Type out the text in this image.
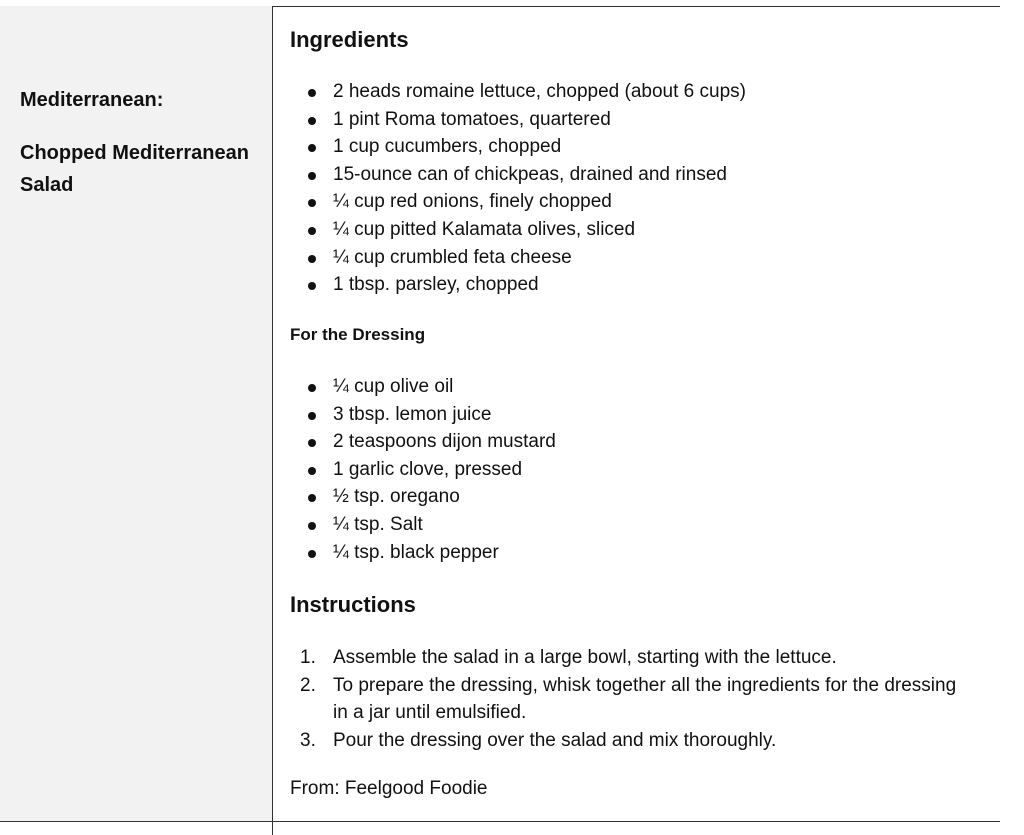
Mediterranean:
Chopped Mediterranean Salad
Ingredients
2 heads romaine lettuce, chopped (about 6 cups)
1 pint Roma tomatoes, quartered
1 cup cucumbers, chopped
15-ounce can of chickpeas, drained and rinsed
¼ cup red onions, finely chopped
¼ cup pitted Kalamata olives, sliced
¼ cup crumbled feta cheese
1 tbsp. parsley, chopped
For the Dressing
¼ cup olive oil
3 tbsp. lemon juice
2 teaspoons dijon mustard
1 garlic clove, pressed
½ tsp. oregano
¼ tsp. Salt
¼ tsp. black pepper
Instructions
1. Assemble the salad in a large bowl, starting with the lettuce.
2. To prepare the dressing, whisk together all the ingredients for the dressing in a jar until emulsified.
3. Pour the dressing over the salad and mix thoroughly.
From: Feelgood Foodie
